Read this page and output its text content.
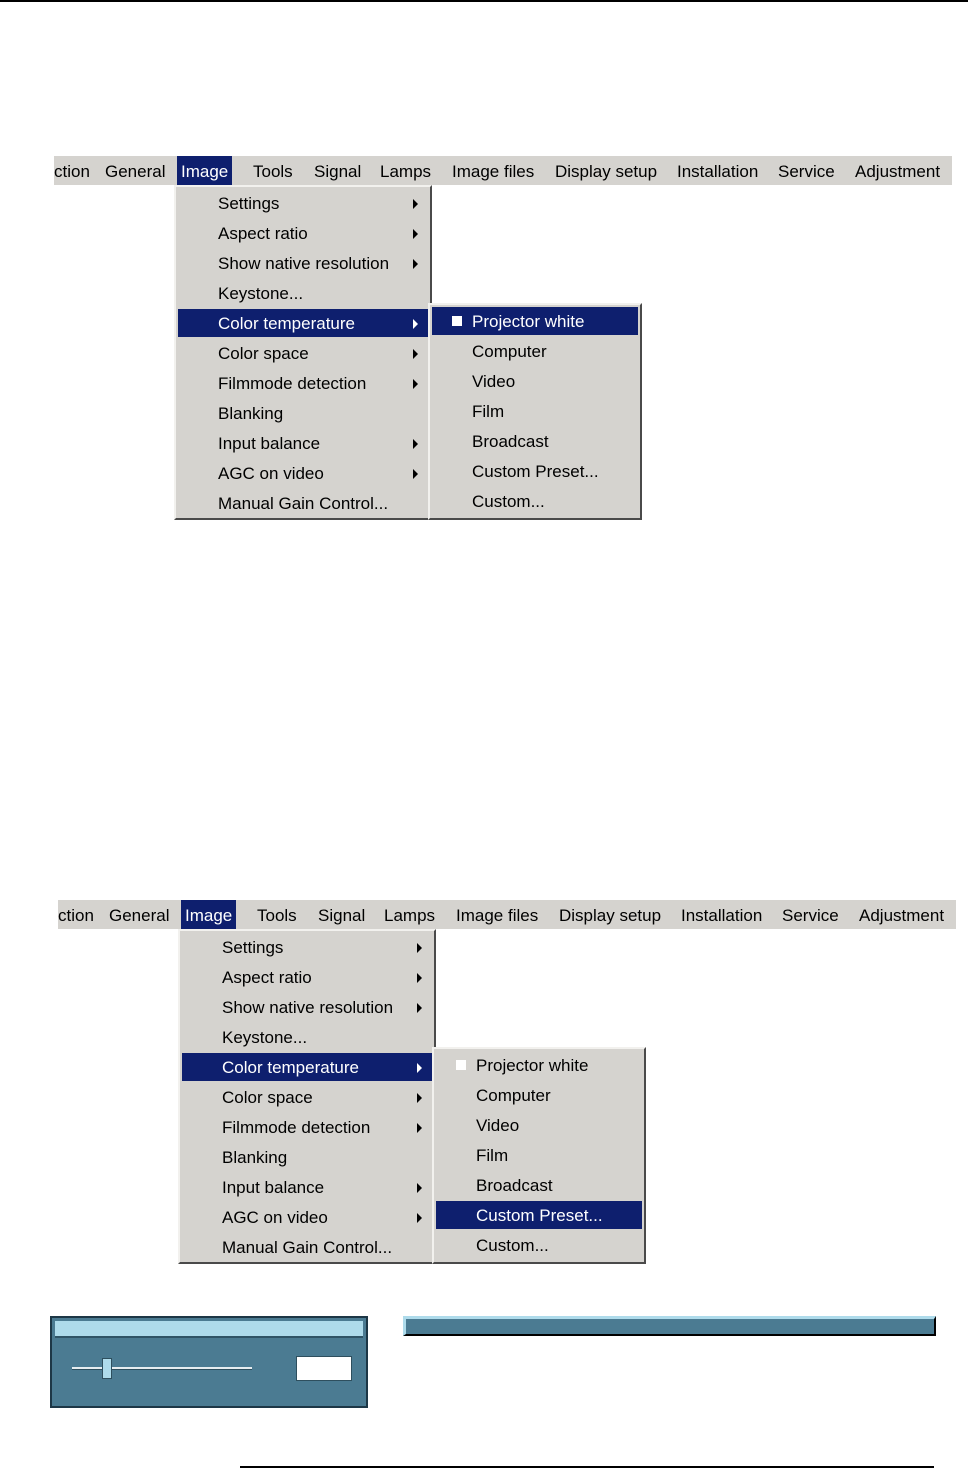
ction General Image Tools Signal Lamps Image files Display setup Installation Service Adjustment
Settings
Aspect ratio
Show native resolution
Keystone...
Color temperature
Color space
Filmmode detection
Blanking
Input balance
AGC on video
Manual Gain Control...
Projector white
Computer
Video
Film
Broadcast
Custom Preset...
Custom...
ction General Image Tools Signal Lamps Image files Display setup Installation Service Adjustment
Settings
Aspect ratio
Show native resolution
Keystone...
Color temperature
Color space
Filmmode detection
Blanking
Input balance
AGC on video
Manual Gain Control...
Projector white
Computer
Video
Film
Broadcast
Custom Preset...
Custom...
